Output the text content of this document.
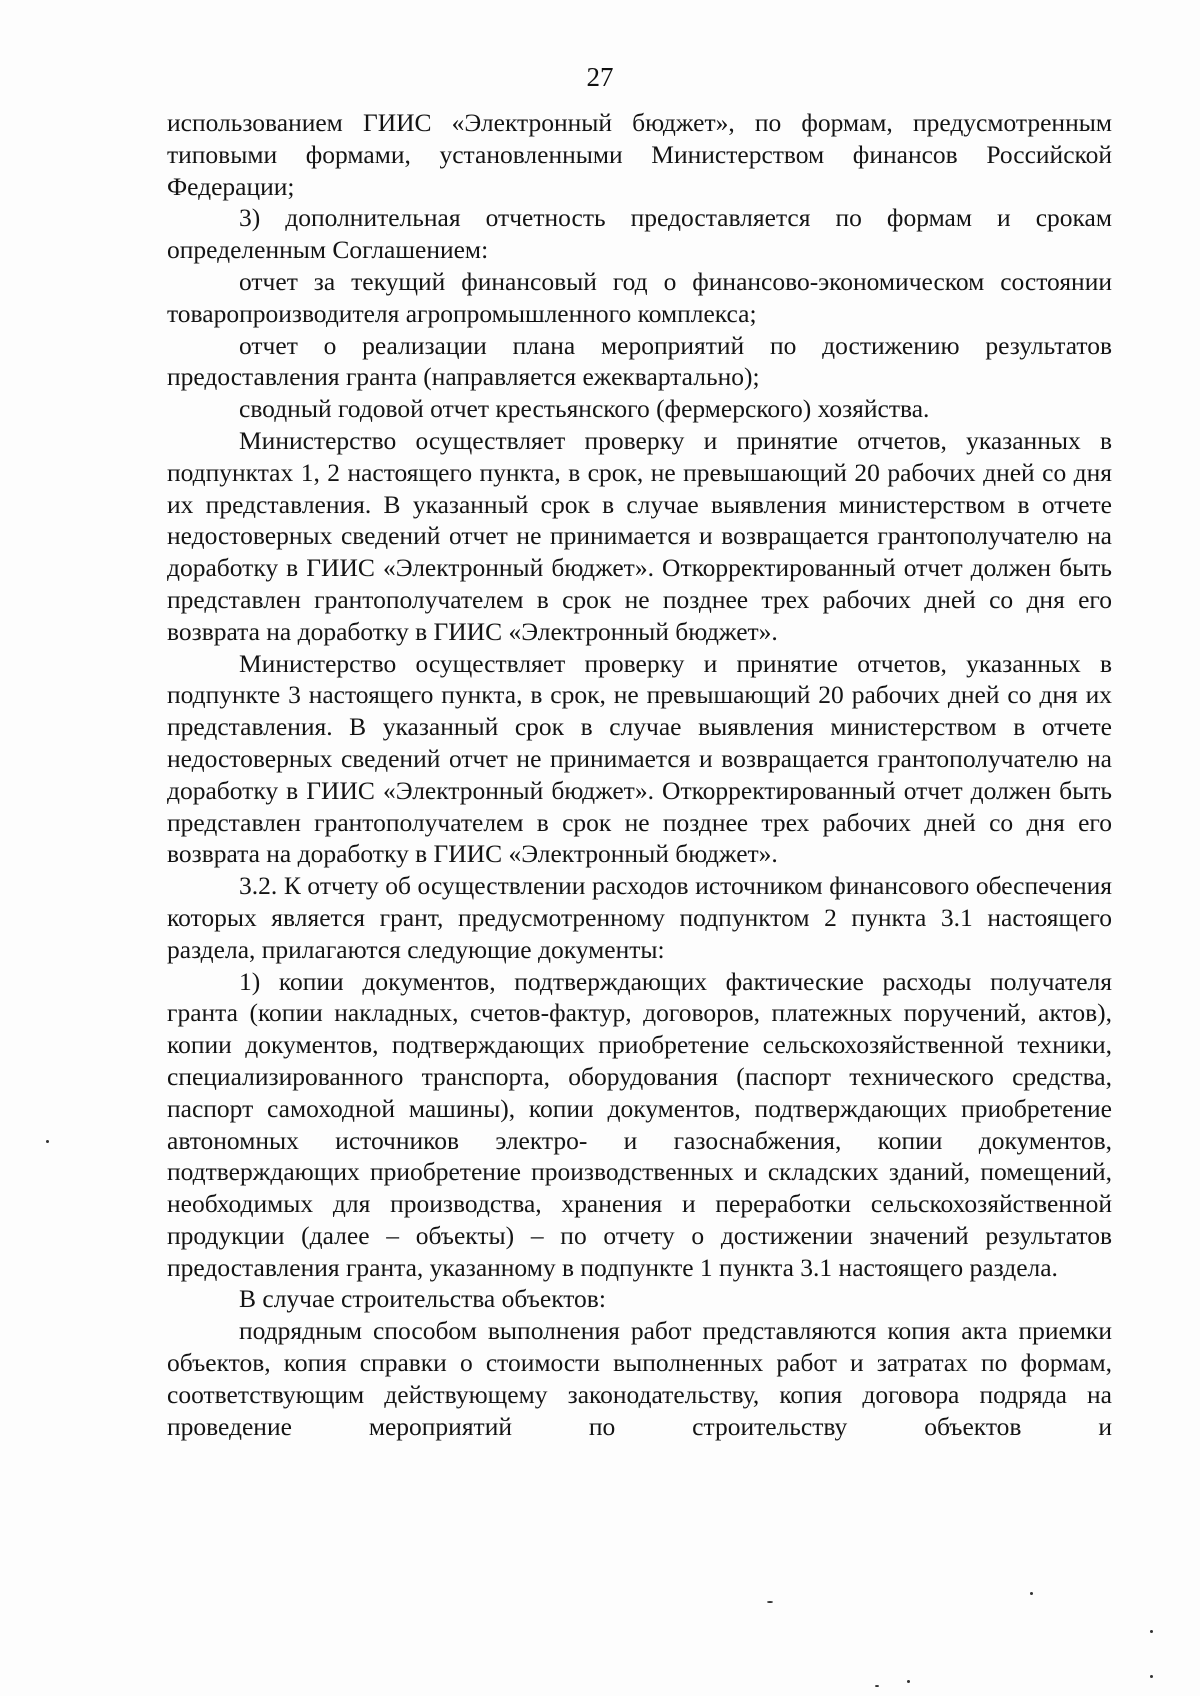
27

использованием ГИИС «Электронный бюджет», по формам, предусмотренным типовыми формами, установленными Министерством финансов Российской Федерации;

3) дополнительная отчетность предоставляется по формам и срокам определенным Соглашением:

отчет за текущий финансовый год о финансово-экономическом состоянии товаропроизводителя агропромышленного комплекса;

отчет о реализации плана мероприятий по достижению результатов предоставления гранта (направляется ежеквартально);

сводный годовой отчет крестьянского (фермерского) хозяйства.

Министерство осуществляет проверку и принятие отчетов, указанных в подпунктах 1, 2 настоящего пункта, в срок, не превышающий 20 рабочих дней со дня их представления. В указанный срок в случае выявления министерством в отчете недостоверных сведений отчет не принимается и возвращается грантополучателю на доработку в ГИИС «Электронный бюджет». Откорректированный отчет должен быть представлен грантополучателем в срок не позднее трех рабочих дней со дня его возврата на доработку в ГИИС «Электронный бюджет».

Министерство осуществляет проверку и принятие отчетов, указанных в подпункте 3 настоящего пункта, в срок, не превышающий 20 рабочих дней со дня их представления. В указанный срок в случае выявления министерством в отчете недостоверных сведений отчет не принимается и возвращается грантополучателю на доработку в ГИИС «Электронный бюджет». Откорректированный отчет должен быть представлен грантополучателем в срок не позднее трех рабочих дней со дня его возврата на доработку в ГИИС «Электронный бюджет».

3.2. К отчету об осуществлении расходов источником финансового обеспечения которых является грант, предусмотренному подпунктом 2 пункта 3.1 настоящего раздела, прилагаются следующие документы:

1) копии документов, подтверждающих фактические расходы получателя гранта (копии накладных, счетов-фактур, договоров, платежных поручений, актов), копии документов, подтверждающих приобретение сельскохозяйственной техники, специализированного транспорта, оборудования (паспорт технического средства, паспорт самоходной машины), копии документов, подтверждающих приобретение автономных источников электро- и газоснабжения, копии документов, подтверждающих приобретение производственных и складских зданий, помещений, необходимых для производства, хранения и переработки сельскохозяйственной продукции (далее – объекты) – по отчету о достижении значений результатов предоставления гранта, указанному в подпункте 1 пункта 3.1 настоящего раздела.

В случае строительства объектов:

подрядным способом выполнения работ представляются копия акта приемки объектов, копия справки о стоимости выполненных работ и затратах по формам, соответствующим действующему законодательству, копия договора подряда на проведение мероприятий по строительству объектов и
